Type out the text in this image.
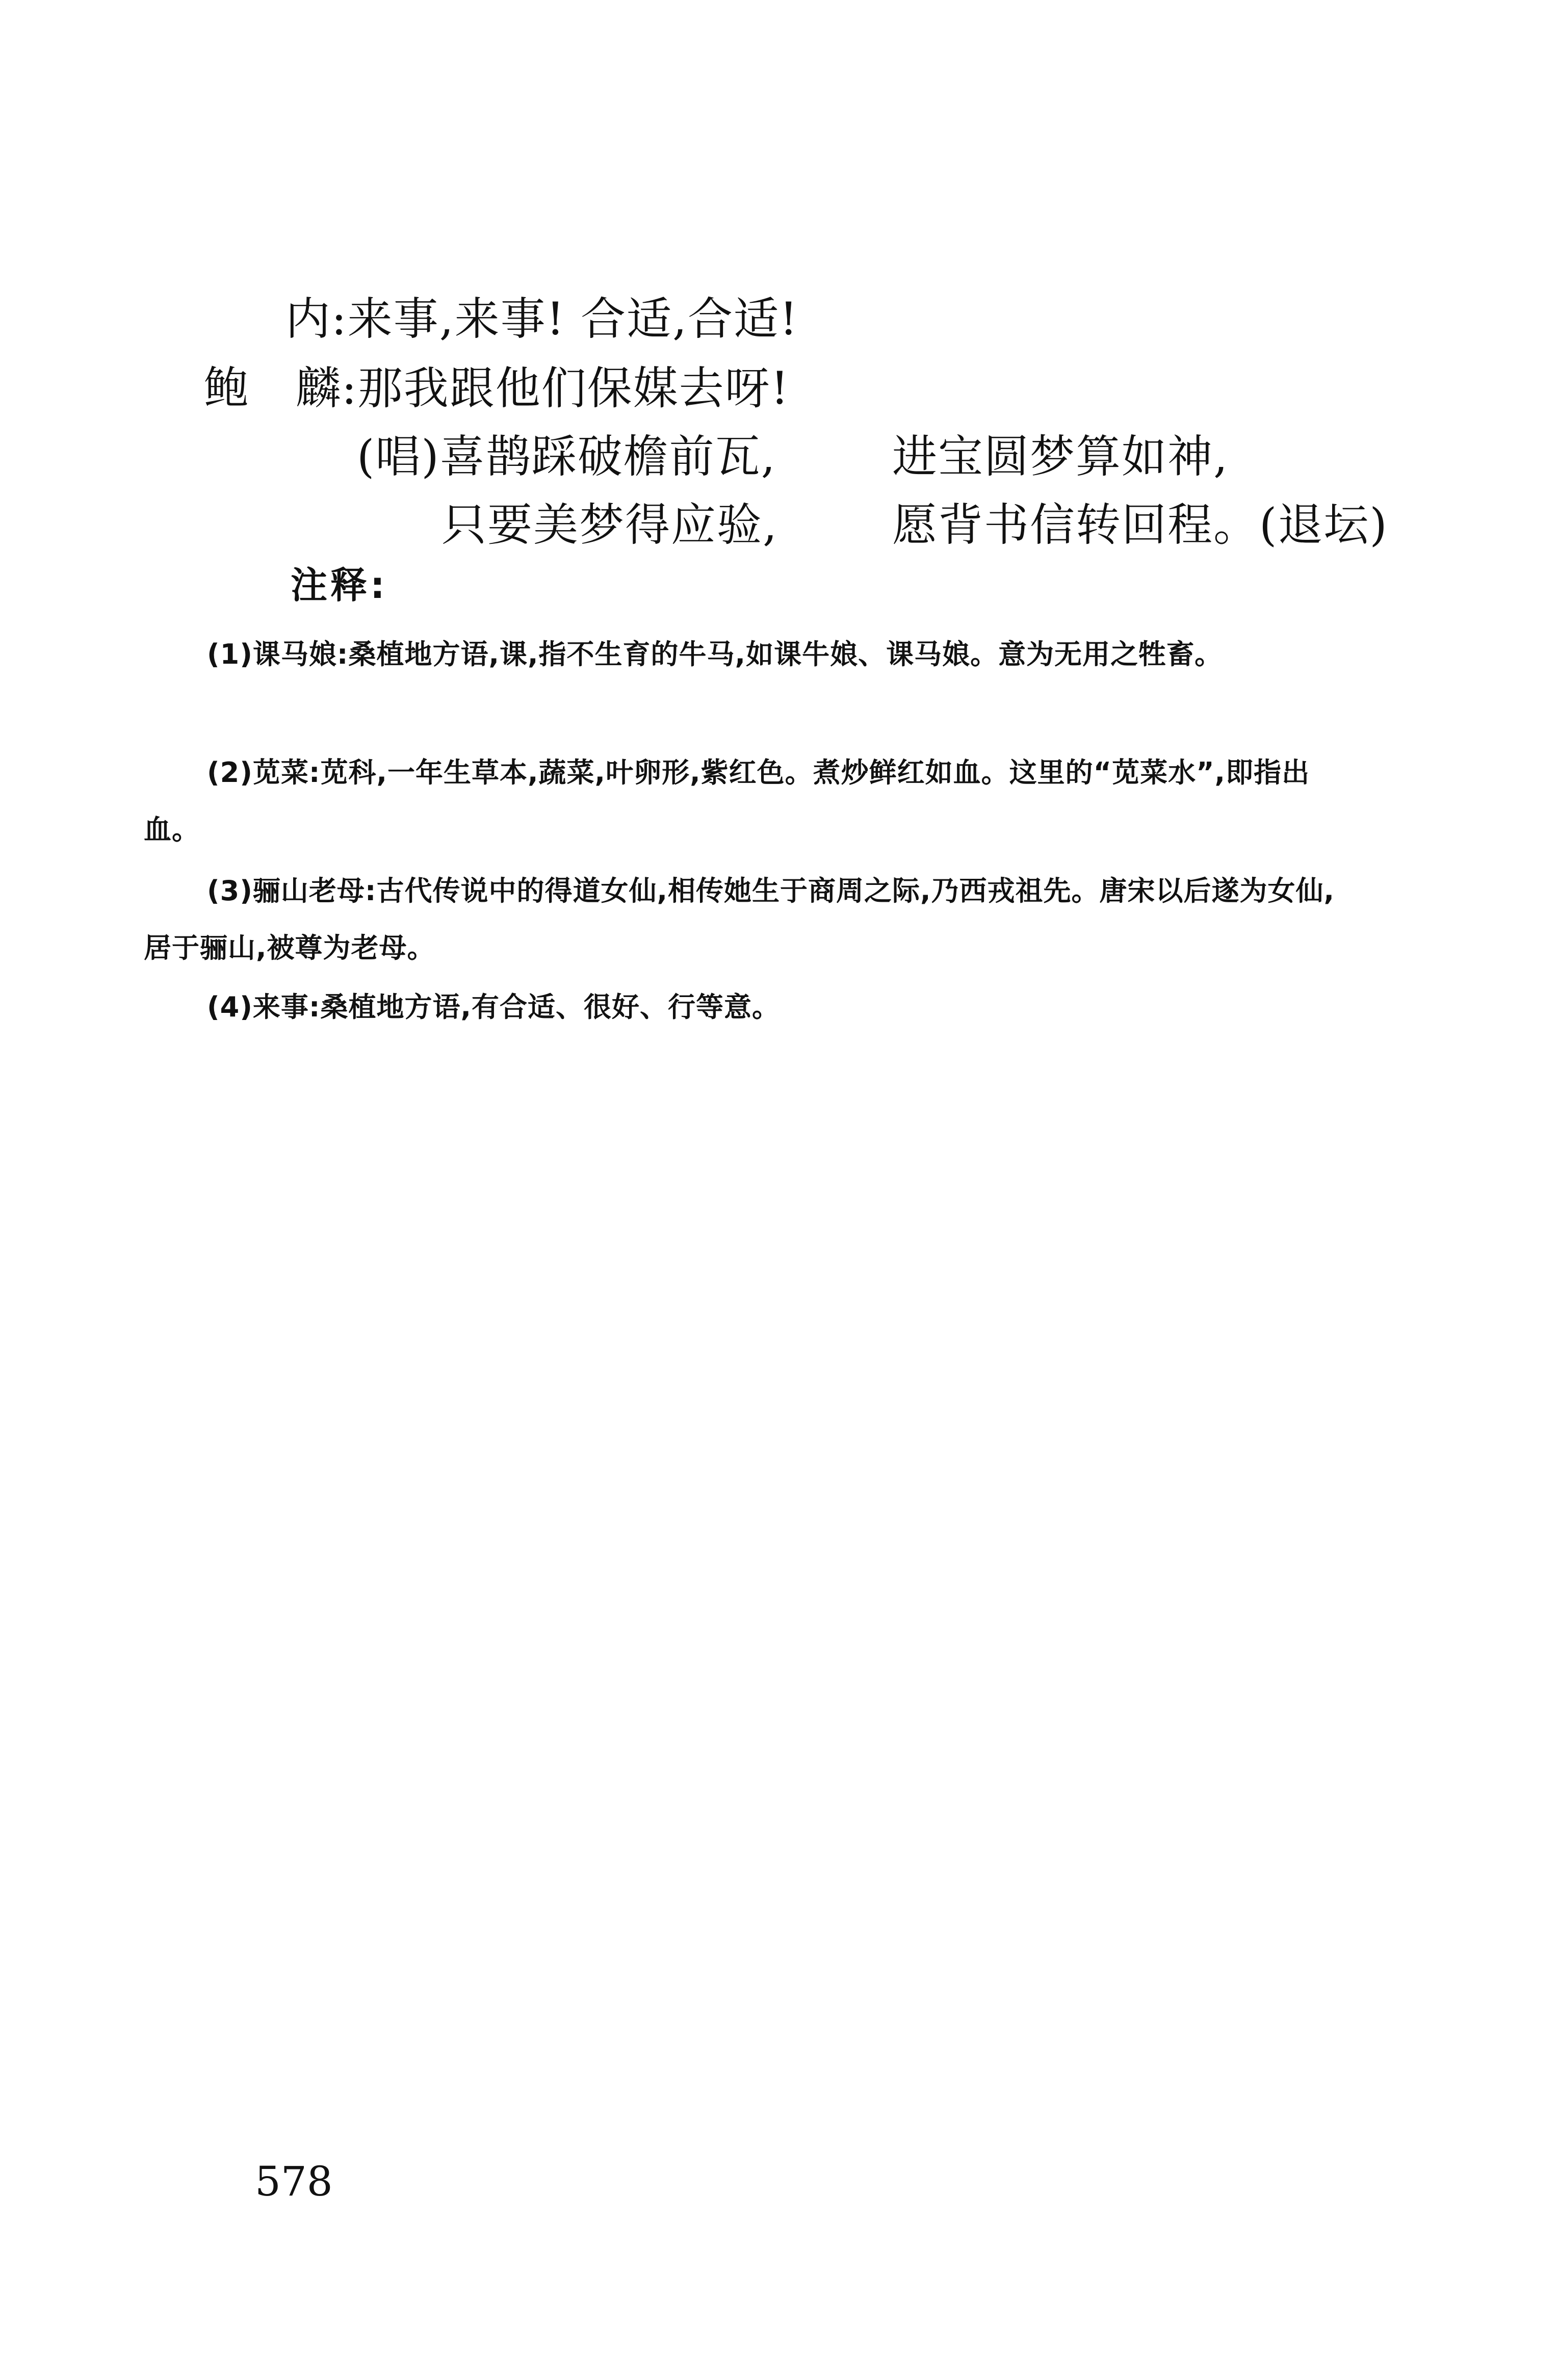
内:来事,来事! 合适,合适!
鲍　麟:那我跟他们保媒去呀!
(唱)喜鹊踩破檐前瓦,	进宝圆梦算如神,
只要美梦得应验,	愿背书信转回程。(退坛)
注释:
(1)课马娘:桑植地方语,课,指不生育的牛马,如课牛娘、课马娘。意为无用之牲畜。
(2)苋菜:苋科,一年生草本,蔬菜,叶卵形,紫红色。煮炒鲜红如血。这里的“苋菜水”,即指出血。
(3)骊山老母:古代传说中的得道女仙,相传她生于商周之际,乃西戎祖先。唐宋以后遂为女仙,居于骊山,被尊为老母。
(4)来事:桑植地方语,有合适、很好、行等意。
578
